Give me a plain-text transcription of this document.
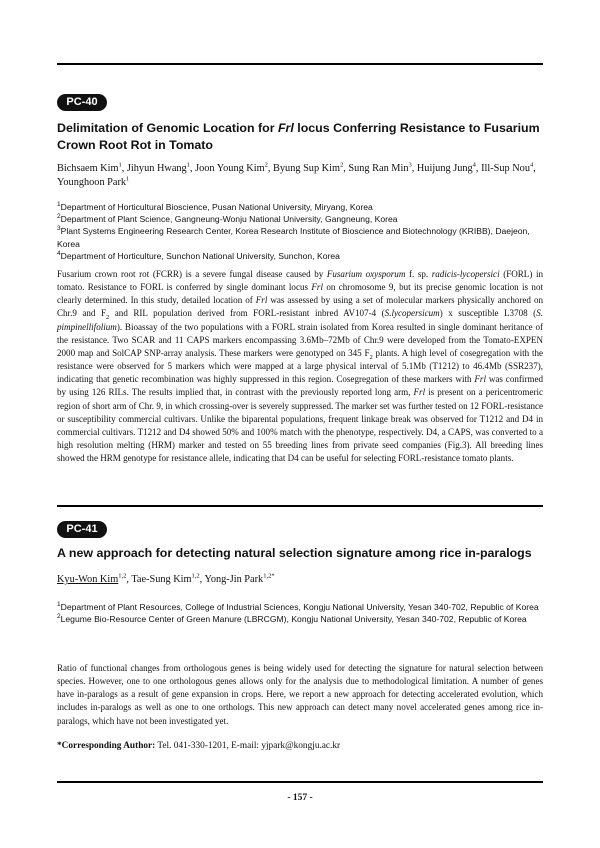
PC-40
Delimitation of Genomic Location for Frl locus Conferring Resistance to Fusarium Crown Root Rot in Tomato
Bichsaem Kim$^1$, Jihyun Hwang$^1$, Joon Young Kim$^2$, Byung Sup Kim$^2$, Sung Ran Min$^3$, Huijung Jung$^4$, Ill-Sup Nou$^4$, Younghoon Park$^1$
$^1$Department of Horticultural Bioscience, Pusan National University, Miryang, Korea
$^2$Department of Plant Science, Gangneung-Wonju National University, Gangneung, Korea
$^3$Plant Systems Engineering Research Center, Korea Research Institute of Bioscience and Biotechnology (KRIBB), Daejeon, Korea
$^4$Department of Horticulture, Sunchon National University, Sunchon, Korea
Fusarium crown root rot (FCRR) is a severe fungal disease caused by Fusarium oxysporum f. sp. radicis-lycopersici (FORL) in tomato. Resistance to FORL is conferred by single dominant locus Frl on chromosome 9, but its precise genomic location is not clearly determined. In this study, detailed location of Frl was assessed by using a set of molecular markers physically anchored on Chr.9 and $F_2$ and RIL population derived from FORL-resistant inbred AV107-4 (S.lycopersicum) x susceptible L3708 (S. pimpinellifolium). Bioassay of the two populations with a FORL strain isolated from Korea resulted in single dominant heritance of the resistance. Two SCAR and 11 CAPS markers encompassing 3.6Mb–72Mb of Chr.9 were developed from the Tomato-EXPEN 2000 map and SolCAP SNP-array analysis. These markers were genotyped on 345 $F_2$ plants. A high level of cosegregation with the resistance were observed for 5 markers which were mapped at a large physical interval of 5.1Mb (T1212) to 46.4Mb (SSR237), indicating that genetic recombination was highly suppressed in this region. Cosegregation of these markers with Frl was confirmed by using 126 RILs. The results implied that, in contrast with the previously reported long arm, Frl is present on a pericentromeric region of short arm of Chr. 9, in which crossing-over is severely suppressed. The marker set was further tested on 12 FORL-resistance or susceptibility commercial cultivars. Unlike the biparental populations, frequent linkage break was observed for T1212 and D4 in commercial cultivars. T1212 and D4 showed 50% and 100% match with the phenotype, respectively. D4, a CAPS, was converted to a high resolution melting (HRM) marker and tested on 55 breeding lines from private seed companies (Fig.3). All breeding lines showed the HRM genotype for resistance allele, indicating that D4 can be useful for selecting FORL-resistance tomato plants.
PC-41
A new approach for detecting natural selection signature among rice in-paralogs
Kyu-Won Kim$^{1,2}$, Tae-Sung Kim$^{1,2}$, Yong-Jin Park$^{1,2*}$
$^1$Department of Plant Resources, College of Industrial Sciences, Kongju National University, Yesan 340-702, Republic of Korea
$^2$Legume Bio-Resource Center of Green Manure (LBRCGM), Kongju National University, Yesan 340-702, Republic of Korea
Ratio of functional changes from orthologous genes is being widely used for detecting the signature for natural selection between species. However, one to one orthologous genes allows only for the analysis due to methodological limitation. A number of genes have in-paralogs as a result of gene expansion in crops. Here, we report a new approach for detecting accelerated evolution, which includes in-paralogs as well as one to one orthologs. This new approach can detect many novel accelerated genes among rice in-paralogs, which have not been investigated yet.
*Corresponding Author: Tel. 041-330-1201, E-mail: yjpark@kongju.ac.kr
- 157 -
